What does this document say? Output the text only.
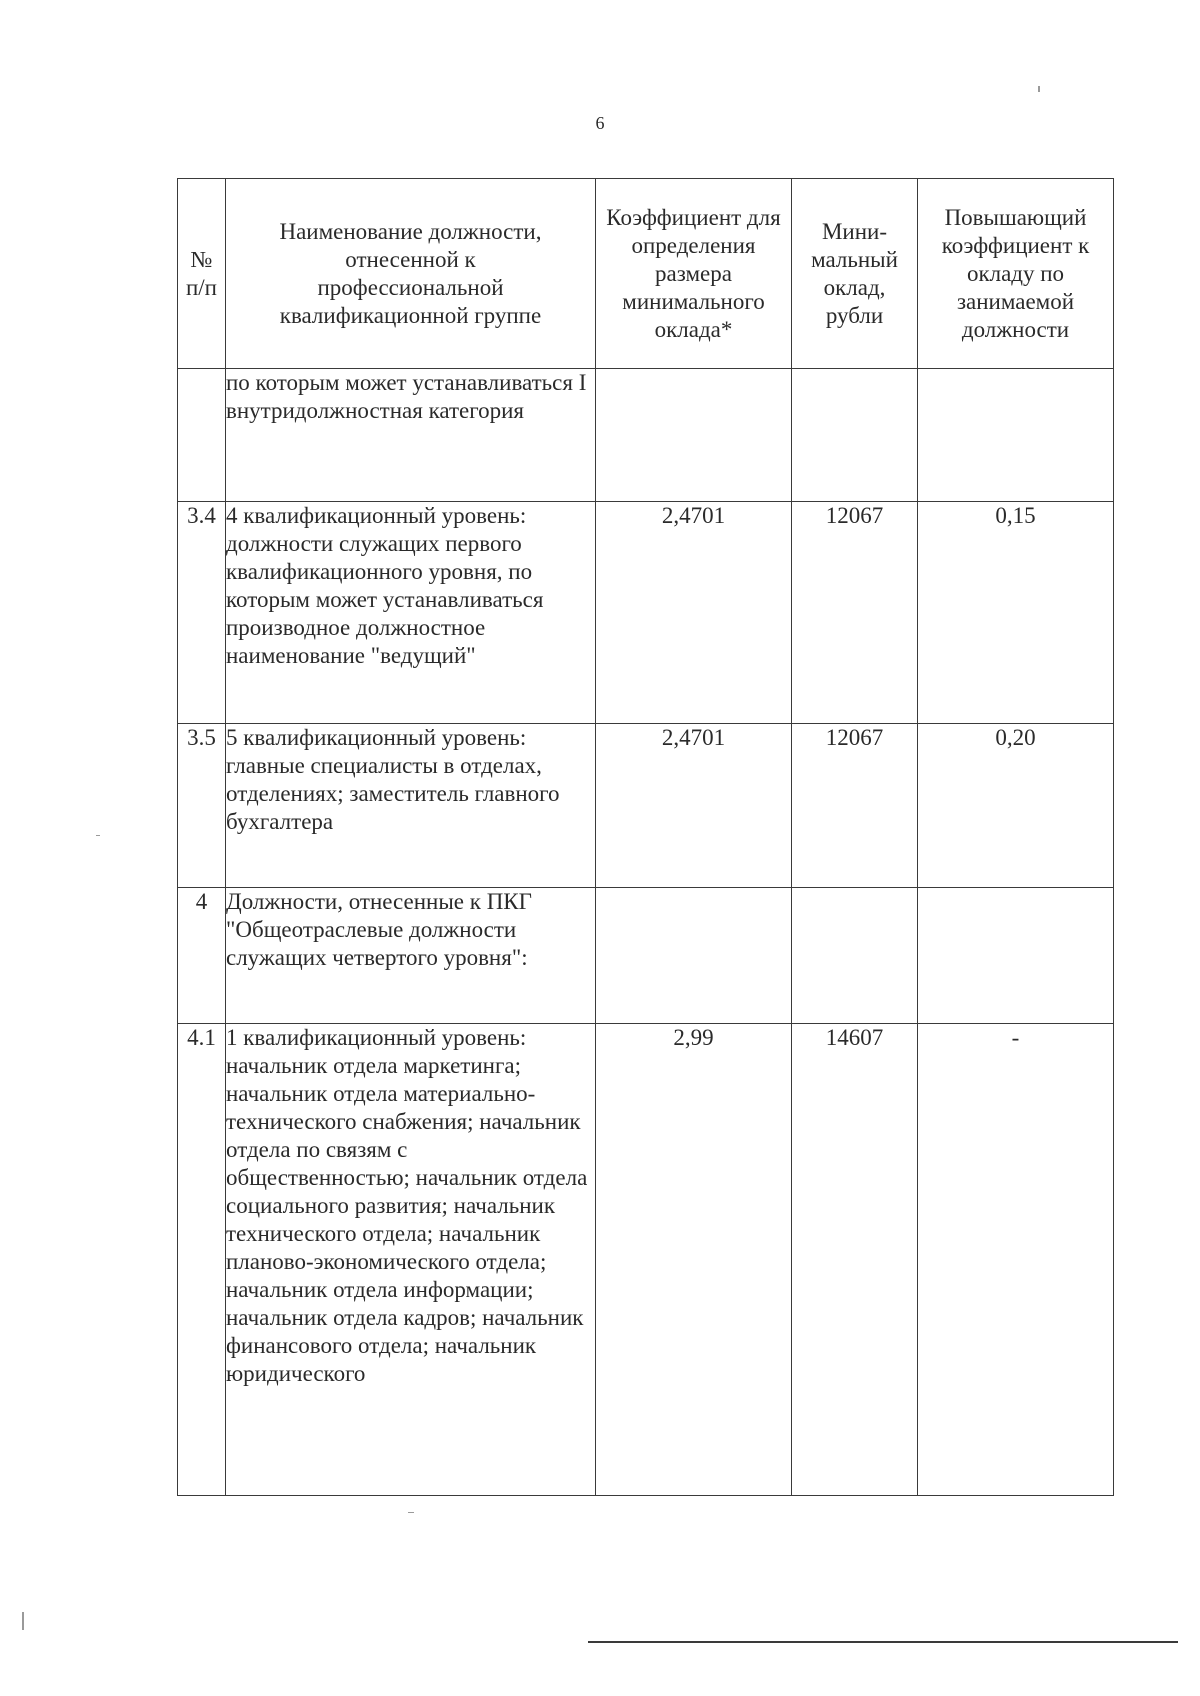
6
№ п/п	Наименование должности, отнесенной к профессиональной квалификационной группе	Коэффициент для определения размера минимального оклада*	Мини- мальный оклад, рубли	Повышающий коэффициент к окладу по занимаемой должности
	по которым может устанавливаться I внутридолжностная категория			
3.4	4 квалификационный уровень: должности служащих первого квалификационного уровня, по которым может устанавливаться производное должностное наименование "ведущий"	2,4701	12067	0,15
3.5	5 квалификационный уровень: главные специалисты в отделах, отделениях; заместитель главного бухгалтера	2,4701	12067	0,20
4	Должности, отнесенные к ПКГ "Общеотраслевые должности служащих четвертого уровня":			
4.1	1 квалификационный уровень: начальник отдела маркетинга; начальник отдела материально-технического снабжения; начальник отдела по связям с общественностью; начальник отдела социального развития; начальник технического отдела; начальник планово-экономического отдела; начальник отдела информации; начальник отдела кадров; начальник финансового отдела; начальник юридического	2,99	14607	-
